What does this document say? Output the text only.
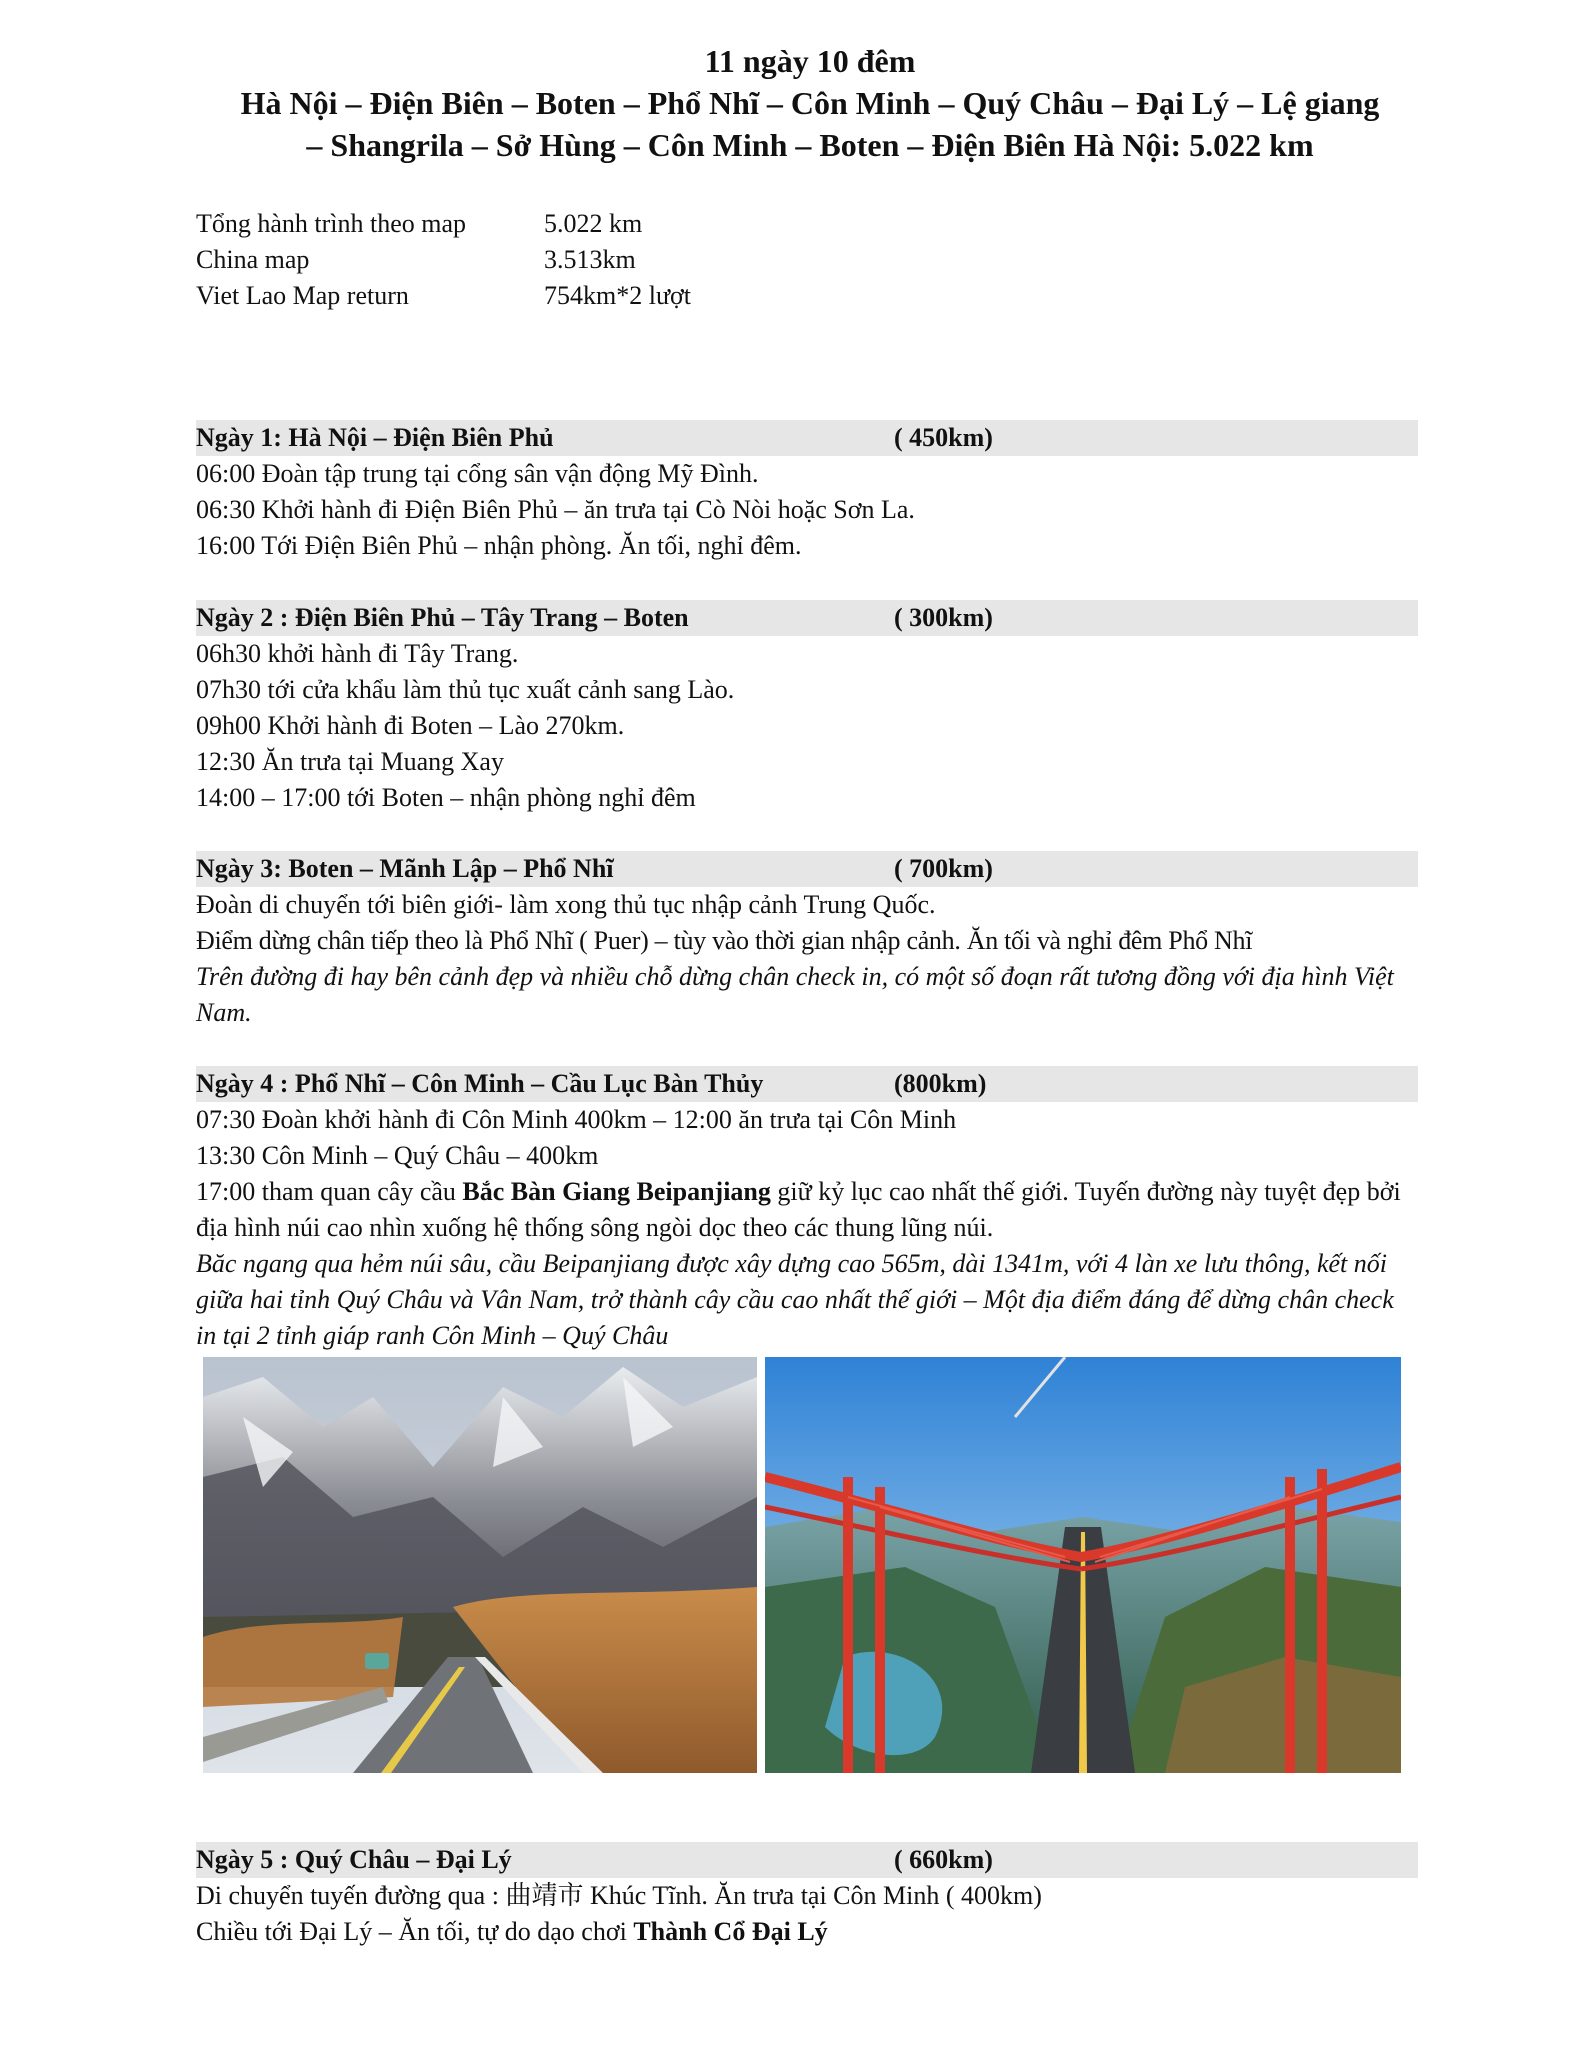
11 ngày 10 đêm
Hà Nội – Điện Biên – Boten – Phổ Nhĩ – Côn Minh – Quý Châu – Đại Lý – Lệ giang
– Shangrila – Sở Hùng – Côn Minh – Boten – Điện Biên Hà Nội: 5.022 km
Tổng hành trình theo map	5.022 km
China map	3.513km
Viet Lao Map return	754km*2 lượt
Ngày 1: Hà Nội – Điện Biên Phủ	( 450km)
06:00 Đoàn tập trung tại cổng sân vận động Mỹ Đình.
06:30 Khởi hành đi Điện Biên Phủ – ăn trưa tại Cò Nòi hoặc Sơn La.
16:00 Tới Điện Biên Phủ – nhận phòng. Ăn tối, nghỉ đêm.
Ngày 2 : Điện Biên Phủ – Tây Trang – Boten	( 300km)
06h30 khởi hành đi Tây Trang.
07h30 tới cửa khẩu làm thủ tục xuất cảnh sang Lào.
09h00 Khởi hành đi Boten – Lào 270km.
12:30 Ăn trưa tại Muang Xay
14:00 – 17:00 tới Boten – nhận phòng nghỉ đêm
Ngày 3: Boten – Mãnh Lập – Phổ Nhĩ	( 700km)
Đoàn di chuyển tới biên giới- làm xong thủ tục nhập cảnh Trung Quốc.
Điểm dừng chân tiếp theo là Phổ Nhĩ ( Puer) – tùy vào thời gian nhập cảnh. Ăn tối và nghỉ đêm Phổ Nhĩ
Trên đường đi hay bên cảnh đẹp và nhiều chỗ dừng chân check in, có một số đoạn rất tương đồng với địa hình Việt Nam.
Ngày 4 : Phổ Nhĩ – Côn Minh – Cầu Lục Bàn Thủy	(800km)
07:30 Đoàn khởi hành đi Côn Minh 400km – 12:00 ăn trưa tại Côn Minh
13:30 Côn Minh – Quý Châu – 400km
17:00 tham quan cây cầu Bắc Bàn Giang Beipanjiang giữ kỷ lục cao nhất thế giới. Tuyến đường này tuyệt đẹp bởi địa hình núi cao nhìn xuống hệ thống sông ngòi dọc theo các thung lũng núi.
Băc ngang qua hẻm núi sâu, cầu Beipanjiang được xây dựng cao 565m, dài 1341m, với 4 làn xe lưu thông, kết nối giữa hai tỉnh Quý Châu và Vân Nam, trở thành cây cầu cao nhất thế giới – Một địa điểm đáng để dừng chân check in tại 2 tỉnh giáp ranh Côn Minh – Quý Châu
Ngày 5 : Quý Châu – Đại Lý	( 660km)
Di chuyển tuyến đường qua : 曲靖市 Khúc Tĩnh. Ăn trưa tại Côn Minh ( 400km)
Chiều tới Đại Lý – Ăn tối, tự do dạo chơi Thành Cổ Đại Lý
